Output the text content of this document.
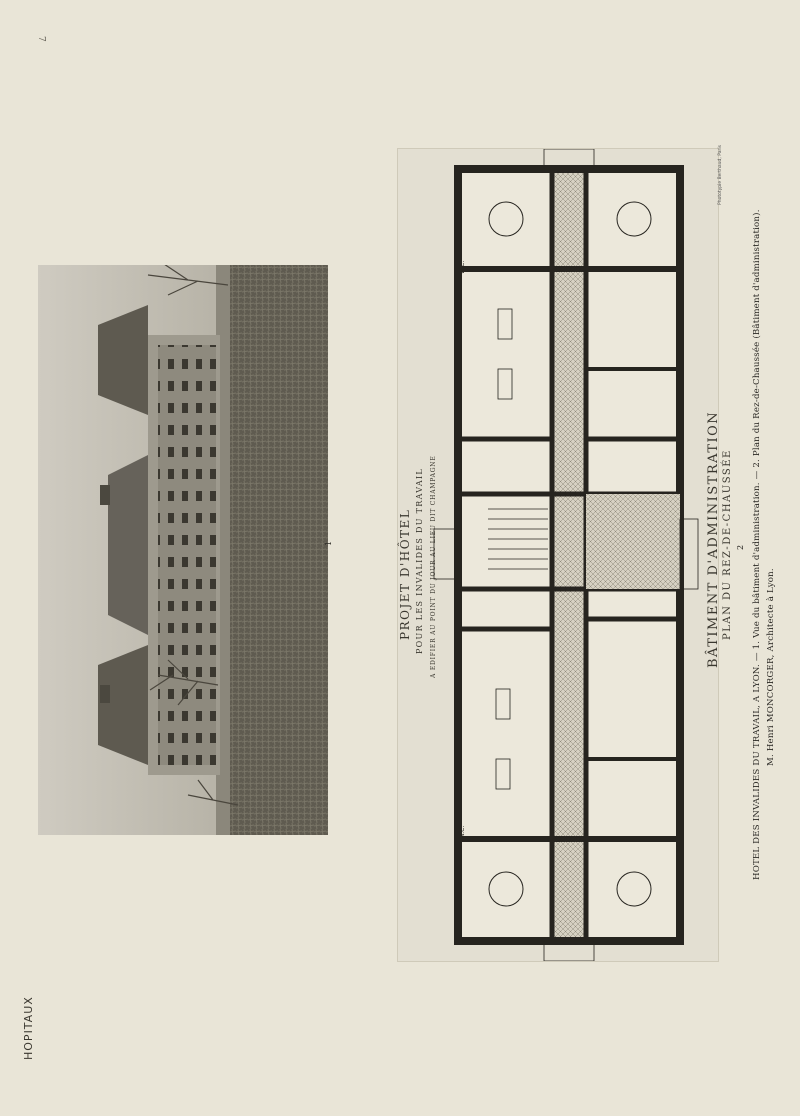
7
HOPITAUX
1
W.C.
W.C.
PROJET D'HÔTEL POUR LES INVALIDES DU TRAVAIL A EDIFIER AU POINT DU JOUR AU LIEU DIT CHAMPAGNE	BÂTIMENT D'ADMINISTRATION PLAN DU REZ-DE-CHAUSSÉE 2
Phototypie Berthaud, Paris
HOTEL DES INVALIDES DU TRAVAIL, A LYON. — 1. Vue du bâtiment d'administration. — 2. Plan du Rez-de-Chaussée (Bâtiment d'administration). M. Henri MONCORGER, Architecte à Lyon.
